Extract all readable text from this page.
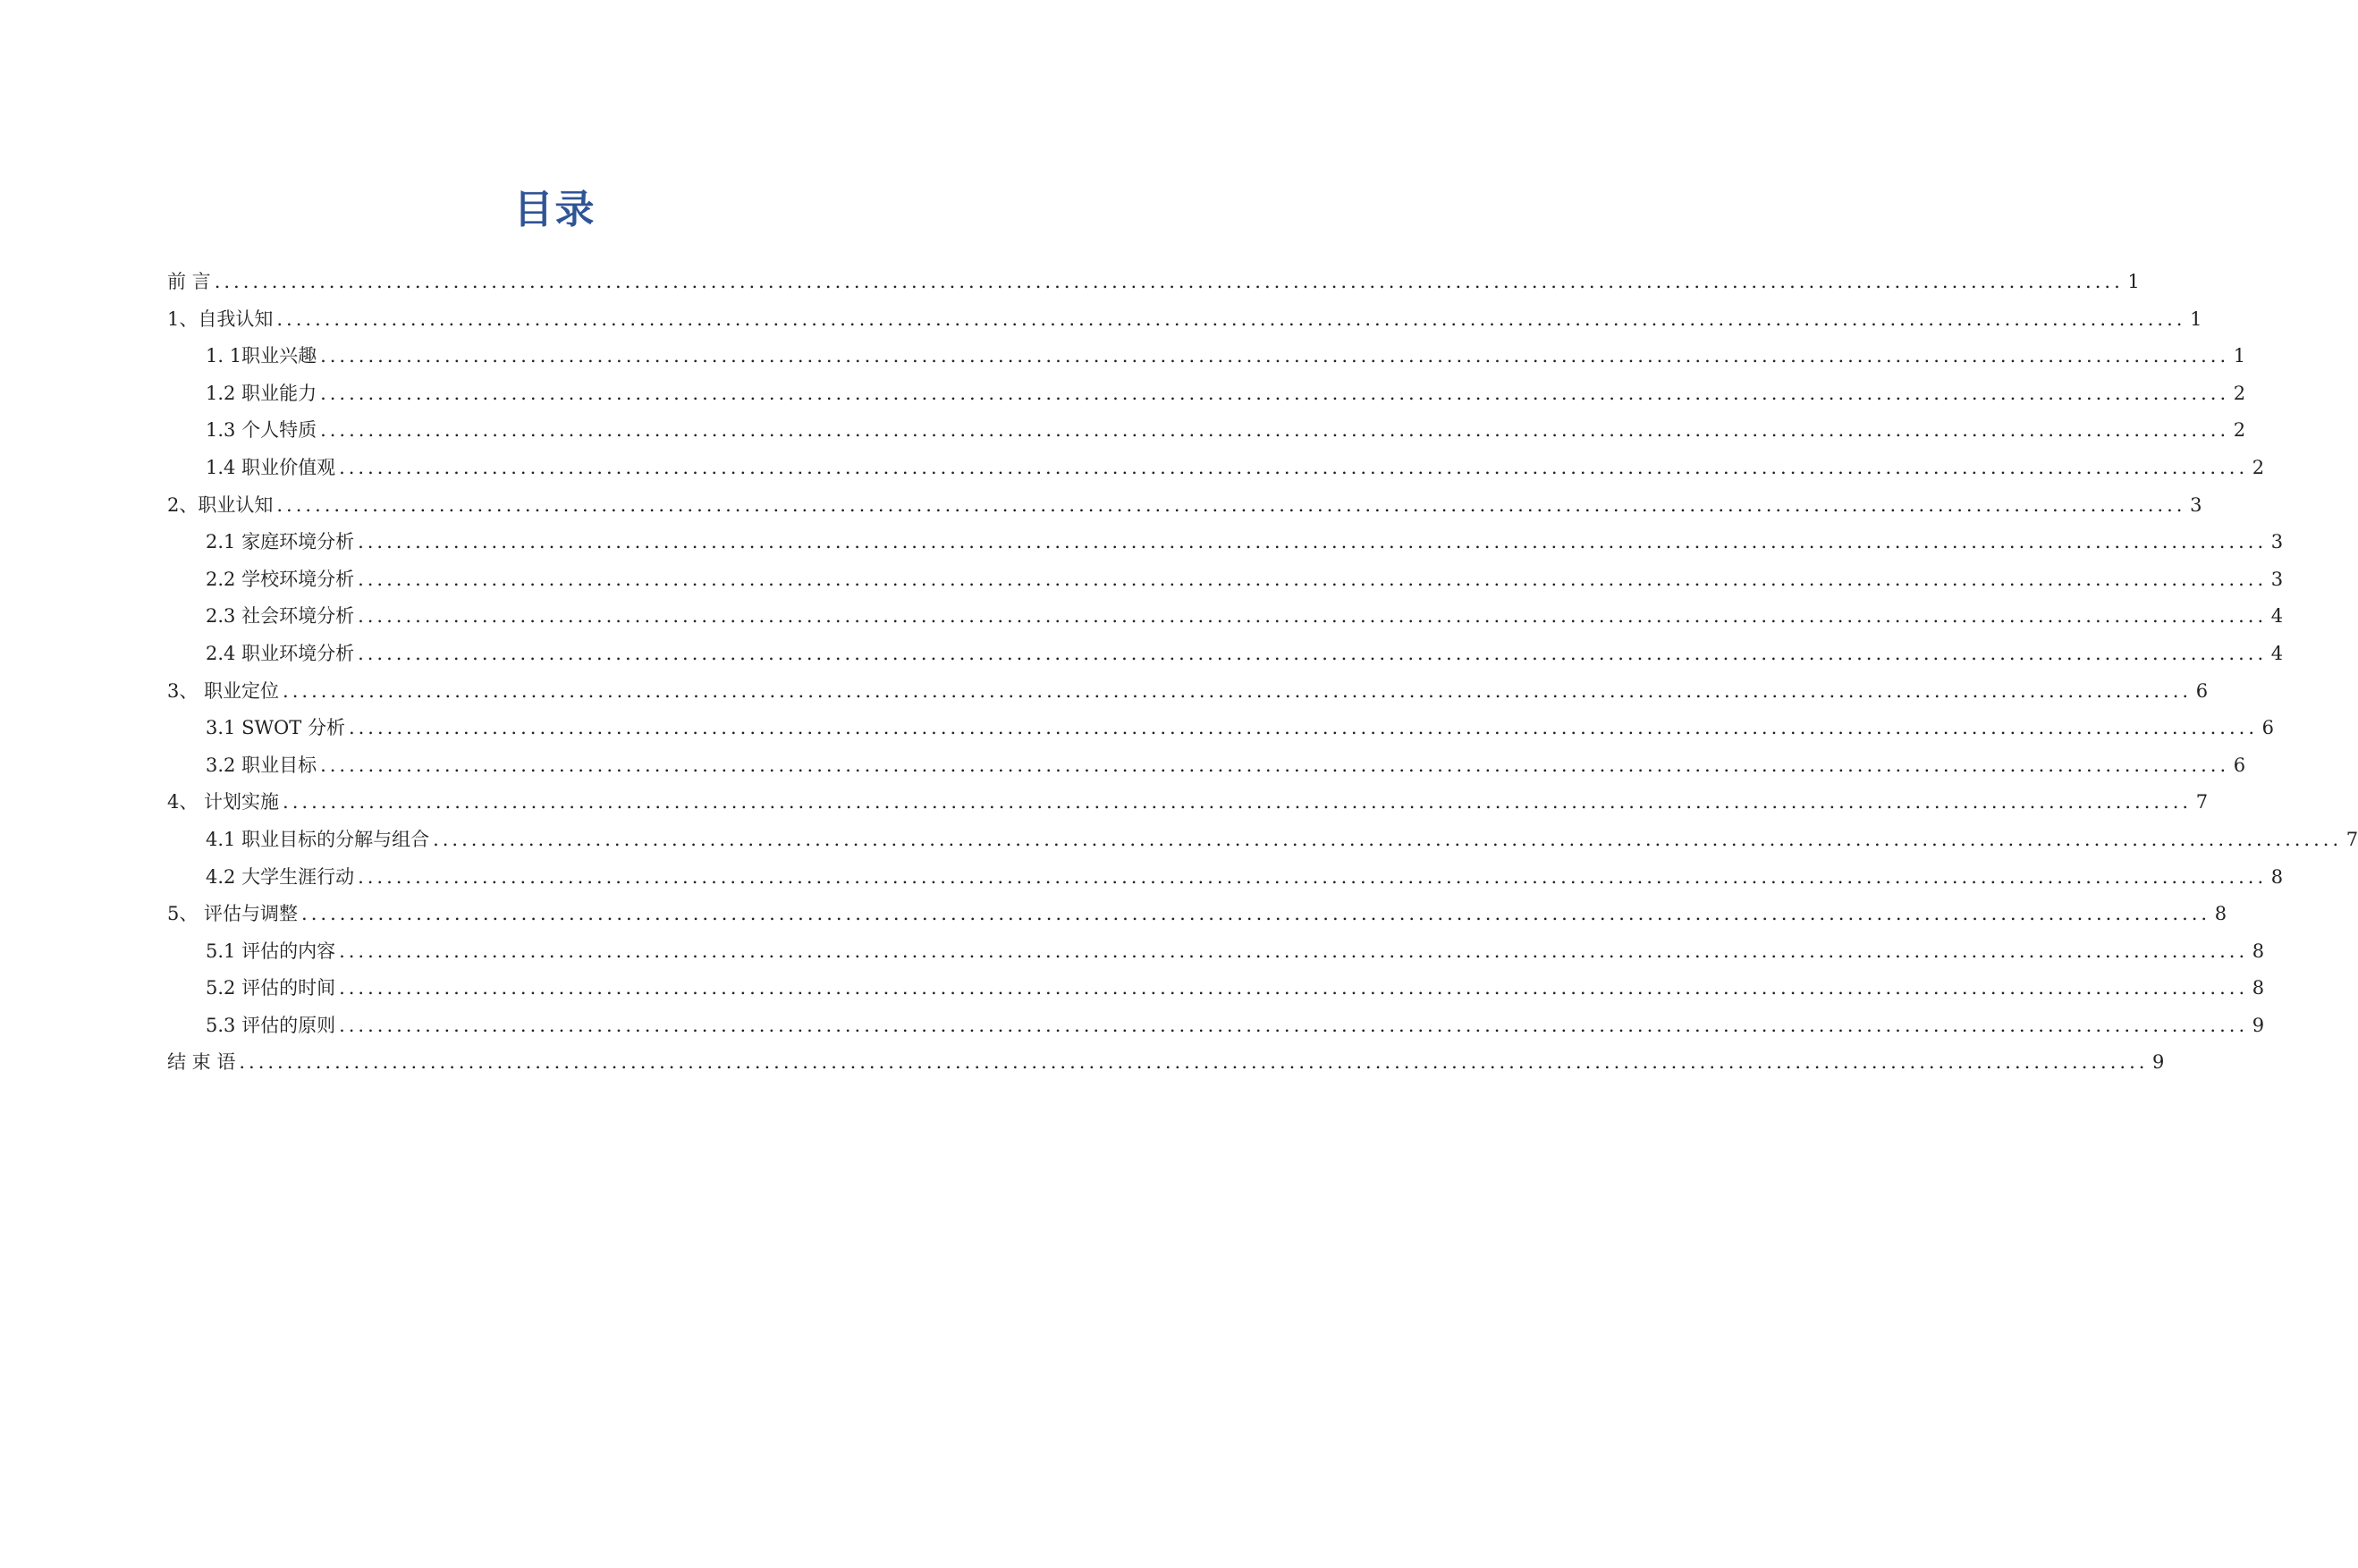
目录
前 言 ........................................................................................................................................................................................................ 1
1、自我认知 ........................................................................................................................................................................................................ 1
1. 1职业兴趣 ........................................................................................................................................................................................................ 1
1.2 职业能力 ........................................................................................................................................................................................................ 2
1.3 个人特质 ........................................................................................................................................................................................................ 2
1.4 职业价值观 ........................................................................................................................................................................................................ 2
2、职业认知 ........................................................................................................................................................................................................ 3
2.1 家庭环境分析 ........................................................................................................................................................................................................ 3
2.2 学校环境分析 ........................................................................................................................................................................................................ 3
2.3 社会环境分析 ........................................................................................................................................................................................................ 4
2.4 职业环境分析 ........................................................................................................................................................................................................ 4
3、 职业定位 ........................................................................................................................................................................................................ 6
3.1 SWOT 分析 ........................................................................................................................................................................................................ 6
3.2 职业目标 ........................................................................................................................................................................................................ 6
4、 计划实施 ........................................................................................................................................................................................................ 7
4.1 职业目标的分解与组合 ........................................................................................................................................................................................................ 7
4.2 大学生涯行动 ........................................................................................................................................................................................................ 8
5、 评估与调整 ........................................................................................................................................................................................................ 8
5.1 评估的内容 ........................................................................................................................................................................................................ 8
5.2 评估的时间 ........................................................................................................................................................................................................ 8
5.3 评估的原则 ........................................................................................................................................................................................................ 9
结 束 语 ........................................................................................................................................................................................................ 9
